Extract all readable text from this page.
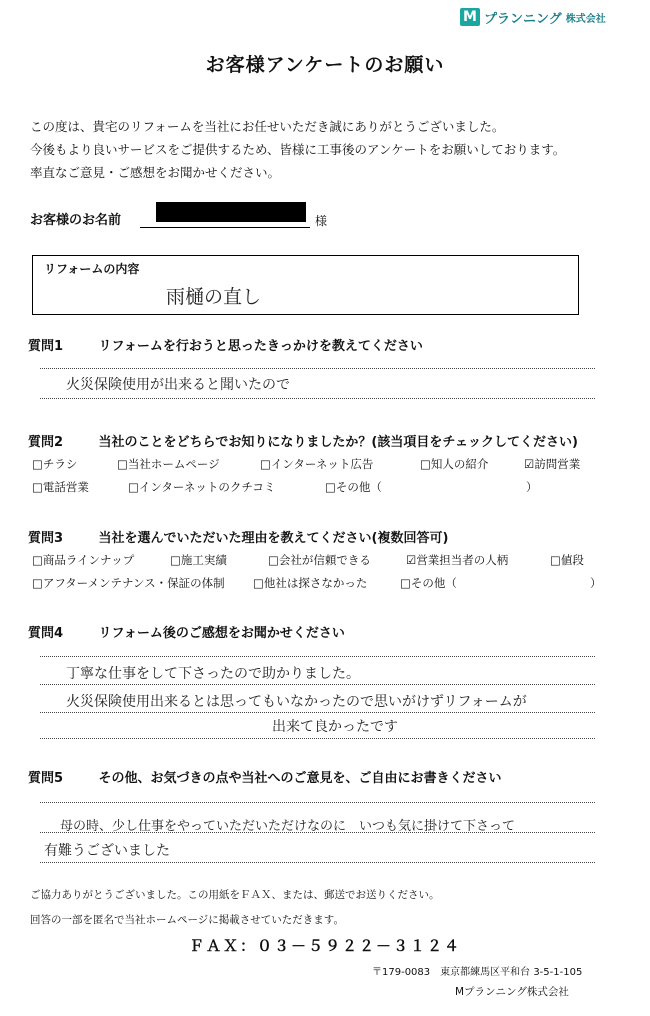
M プランニング 株式会社
お客様アンケートのお願い
この度は、貴宅のリフォームを当社にお任せいただき誠にありがとうございました。
今後もより良いサービスをご提供するため、皆様に工事後のアンケートをお願いしております。
率直なご意見・ご感想をお聞かせください。
お客様のお名前	様
リフォームの内容
雨樋の直し
質問1	リフォームを行おうと思ったきっかけを教えてください
火災保険使用が出来ると聞いたので
質問2	当社のことをどちらでお知りになりましたか？(該当項目をチェックしてください)
□チラシ	□当社ホームページ	□インターネット広告	□知人の紹介	☑訪問営業
□電話営業	□インターネットのクチコミ	□その他（	）
質問3	当社を選んでいただいた理由を教えてください(複数回答可)
□商品ラインナップ	□施工実績	□会社が信頼できる	☑営業担当者の人柄	□値段
□アフターメンテナンス・保証の体制 □他社は探さなかった	□その他（	）
質問4	リフォーム後のご感想をお聞かせください
丁寧な仕事をして下さったので助かりました。
火災保険使用出来るとは思ってもいなかったので思いがけずリフォームが
出来て良かったです
質問5	その他、お気づきの点や当社へのご意見を、ご自由にお書きください
母の時、少し仕事をやっていただいただけなのに　いつも気に掛けて下さって
有難うございました
ご協力ありがとうございました。この用紙をＦＡＸ、または、郵送でお送りください。
回答の一部を匿名で当社ホームページに掲載させていただきます。
ＦＡＸ：０３－５９２２－３１２４
〒179-0083　東京都練馬区平和台 3-5-1-105
Mプランニング株式会社
